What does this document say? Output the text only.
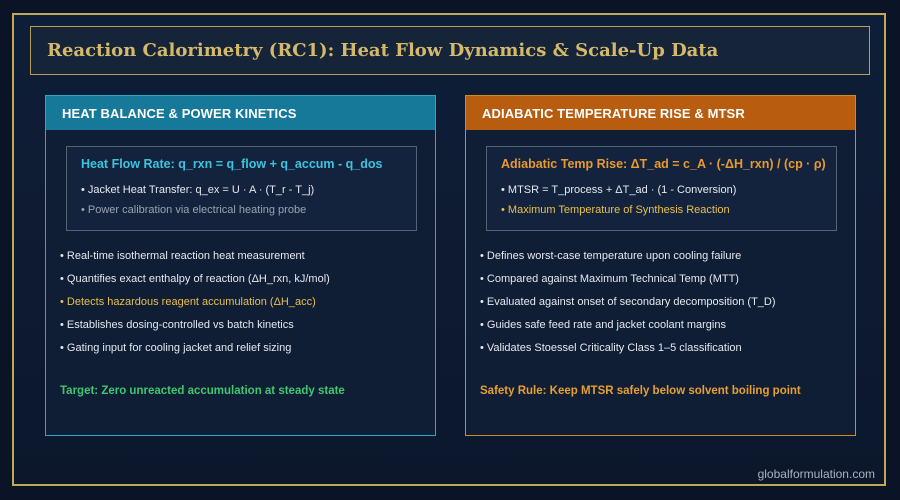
Reaction Calorimetry (RC1): Heat Flow Dynamics & Scale-Up Data
HEAT BALANCE & POWER KINETICS
Heat Flow Rate: q_rxn = q_flow + q_accum - q_dos
• Jacket Heat Transfer: q_ex = U · A · (T_r - T_j)
• Power calibration via electrical heating probe
• Real-time isothermal reaction heat measurement
• Quantifies exact enthalpy of reaction (ΔH_rxn, kJ/mol)
• Detects hazardous reagent accumulation (ΔH_acc)
• Establishes dosing-controlled vs batch kinetics
• Gating input for cooling jacket and relief sizing
Target: Zero unreacted accumulation at steady state
ADIABATIC TEMPERATURE RISE & MTSR
Adiabatic Temp Rise: ΔT_ad = c_A · (-ΔH_rxn) / (cp · ρ)
• MTSR = T_process + ΔT_ad · (1 - Conversion)
• Maximum Temperature of Synthesis Reaction
• Defines worst-case temperature upon cooling failure
• Compared against Maximum Technical Temp (MTT)
• Evaluated against onset of secondary decomposition (T_D)
• Guides safe feed rate and jacket coolant margins
• Validates Stoessel Criticality Class 1–5 classification
Safety Rule: Keep MTSR safely below solvent boiling point
globalformulation.com
